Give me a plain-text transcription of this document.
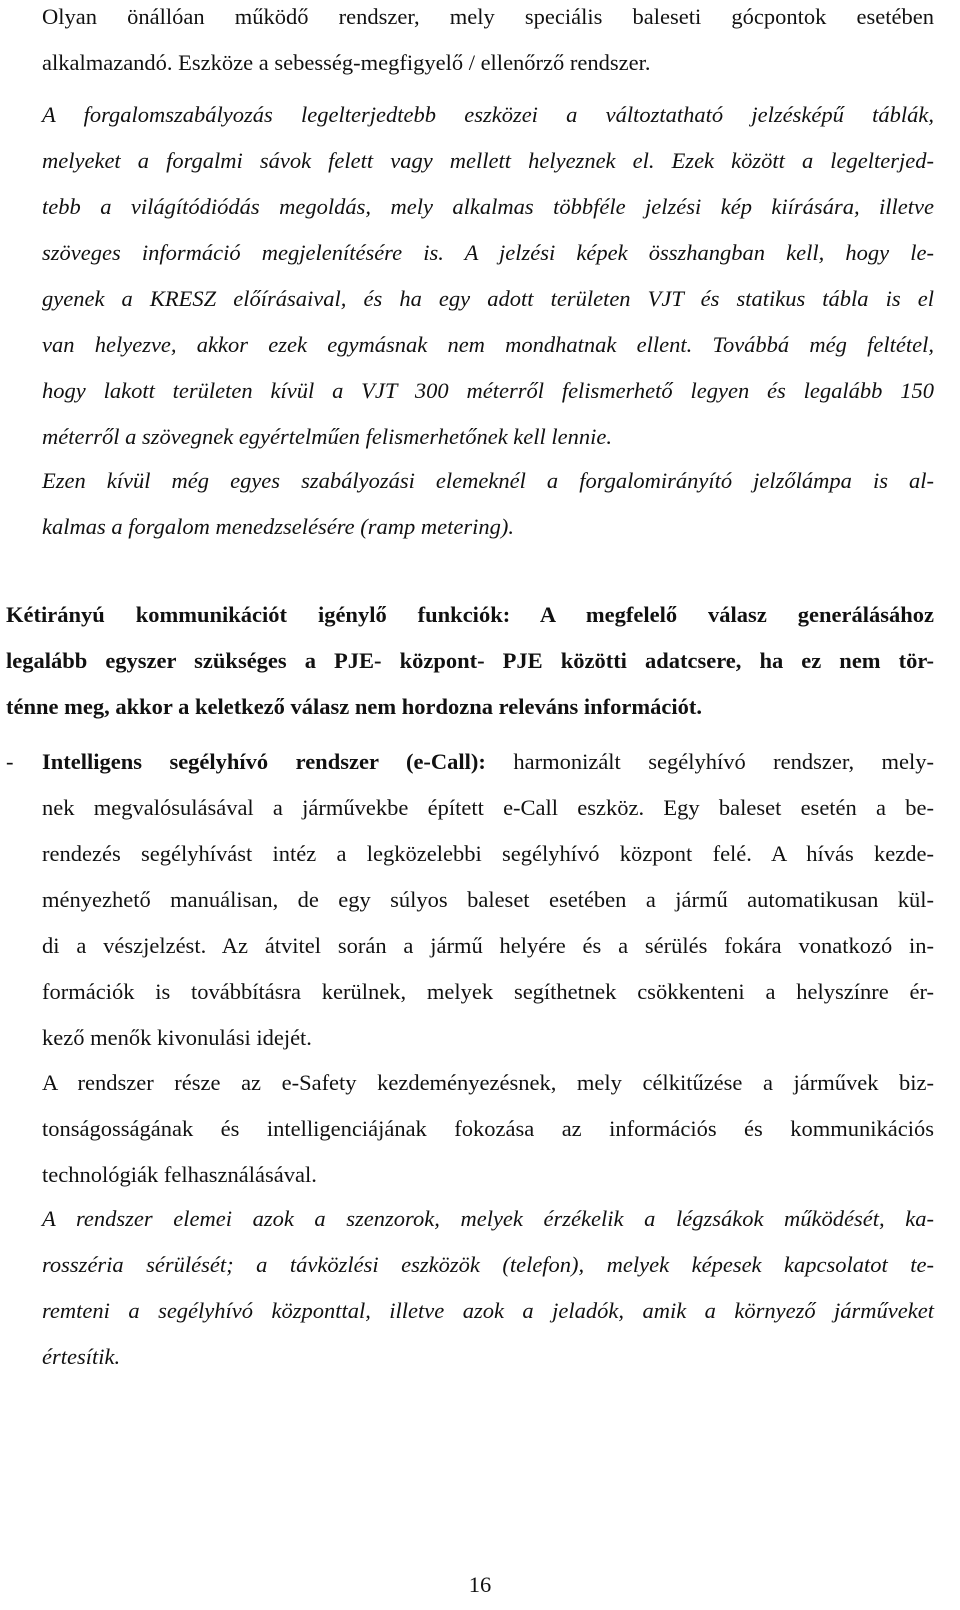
Olyan önállóan működő rendszer, mely speciális baleseti gócpontok esetében
alkalmazandó. Eszköze a sebesség-megfigyelő / ellenőrző rendszer.
A forgalomszabályozás legelterjedtebb eszközei a változtatható jelzésképű táblák,
melyeket a forgalmi sávok felett vagy mellett helyeznek el. Ezek között a legelterjed-
tebb a világítódiódás megoldás, mely alkalmas többféle jelzési kép kiírására, illetve
szöveges információ megjelenítésére is. A jelzési képek összhangban kell, hogy le-
gyenek a KRESZ előírásaival, és ha egy adott területen VJT és statikus tábla is el
van helyezve, akkor ezek egymásnak nem mondhatnak ellent. Továbbá még feltétel,
hogy lakott területen kívül a VJT 300 méterről felismerhető legyen és legalább 150
méterről a szövegnek egyértelműen felismerhetőnek kell lennie.
Ezen kívül még egyes szabályozási elemeknél a forgalomirányító jelzőlámpa is al-
kalmas a forgalom menedzselésére (ramp metering).
Kétirányú kommunikációt igénylő funkciók: A megfelelő válasz generálásához
legalább egyszer szükséges a PJE- központ- PJE közötti adatcsere, ha ez nem tör-
ténne meg, akkor a keletkező válasz nem hordozna releváns információt.
- Intelligens segélyhívó rendszer (e-Call): harmonizált segélyhívó rendszer, mely-
nek megvalósulásával a járművekbe épített e-Call eszköz. Egy baleset esetén a be-
rendezés segélyhívást intéz a legközelebbi segélyhívó központ felé. A hívás kezde-
ményezhető manuálisan, de egy súlyos baleset esetében a jármű automatikusan kül-
di a vészjelzést. Az átvitel során a jármű helyére és a sérülés fokára vonatkozó in-
formációk is továbbításra kerülnek, melyek segíthetnek csökkenteni a helyszínre ér-
kező menők kivonulási idejét.
A rendszer része az e-Safety kezdeményezésnek, mely célkitűzése a járművek biz-
tonságosságának és intelligenciájának fokozása az információs és kommunikációs
technológiák felhasználásával.
A rendszer elemei azok a szenzorok, melyek érzékelik a légzsákok működését, ka-
rosszéria sérülését; a távközlési eszközök (telefon), melyek képesek kapcsolatot te-
remteni a segélyhívó központtal, illetve azok a jeladók, amik a környező járműveket
értesítik.
16
